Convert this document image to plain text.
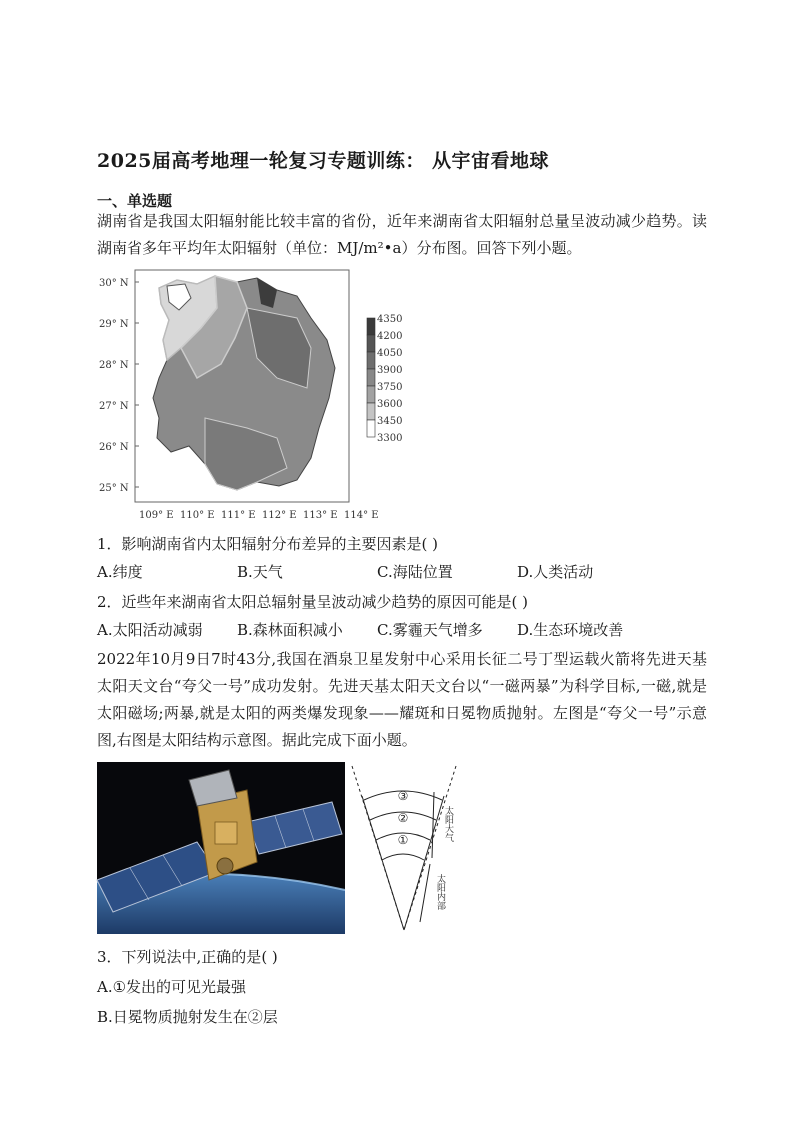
2025届高考地理一轮复习专题训练： 从宇宙看地球
一、单选题
湖南省是我国太阳辐射能比较丰富的省份，近年来湖南省太阳辐射总量呈波动减少趋势。读湖南省多年平均年太阳辐射（单位：MJ/m²•a）分布图。回答下列小题。
30° N
29° N
28° N
27° N
26° N
25° N
109° E 110° E 111° E 112° E 113° E 114° E
4350
4200
4050
3900
3750
3600
3450
3300
1．影响湖南省内太阳辐射分布差异的主要因素是( )
A.纬度	B.天气	C.海陆位置	D.人类活动
2．近些年来湖南省太阳总辐射量呈波动减少趋势的原因可能是( )
A.太阳活动减弱 B.森林面积减小 C.雾霾天气增多 D.生态环境改善
2022年10月9日7时43分,我国在酒泉卫星发射中心采用长征二号丁型运载火箭将先进天基太阳天文台“夸父一号”成功发射。先进天基太阳天文台以“一磁两暴”为科学目标,一磁,就是太阳磁场;两暴,就是太阳的两类爆发现象——耀斑和日冕物质抛射。左图是“夸父一号”示意图,右图是太阳结构示意图。据此完成下面小题。
③
②
①	太阳大气
太阳内部
3．下列说法中,正确的是( )
A.①发出的可见光最强
B.日冕物质抛射发生在②层
